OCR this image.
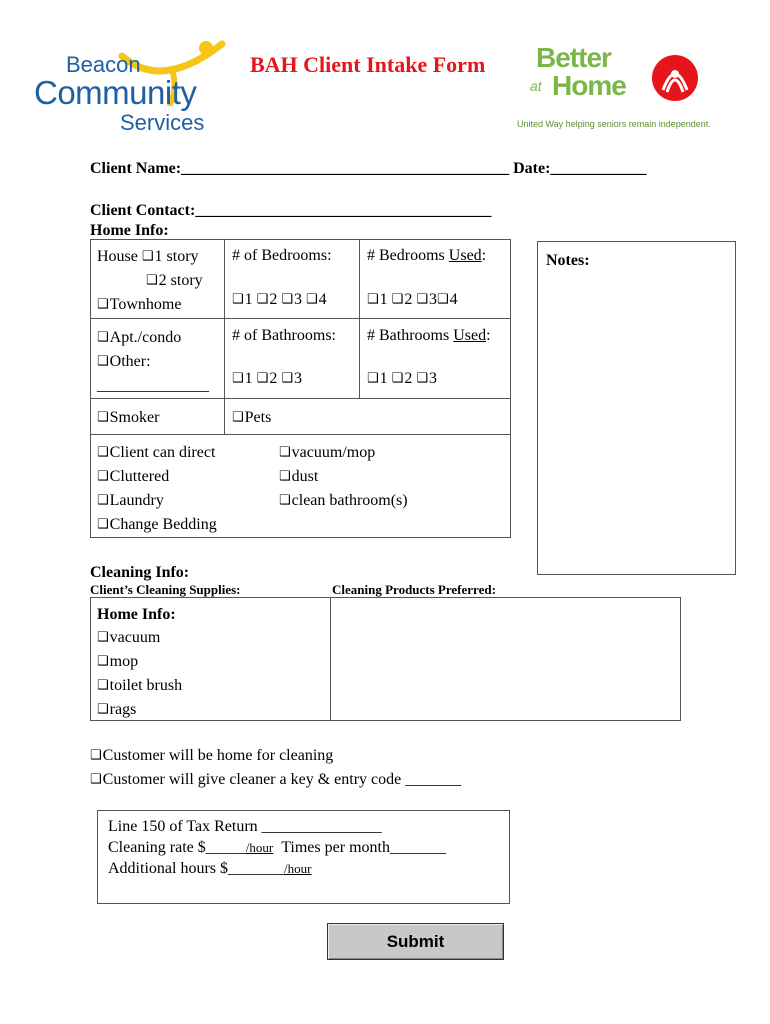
Beacon
Community
Services
BAH Client Intake Form Better
at Home
United Way helping seniors remain independent.
Client Name:_________________________________________ Date:____________
Client Contact:_____________________________________
Home Info:
House ❑1 story
❑2 story
❑Townhome
# of Bedrooms:
❑1 ❑2 ❑3 ❑4
# Bedrooms Used:
❑1 ❑2 ❑3❑4
❑Apt./condo
❑Other:
______________
# of Bathrooms:
❑1 ❑2 ❑3
# Bathrooms Used:
❑1 ❑2 ❑3
❑Smoker	❑Pets
❑Client can direct
❑Cluttered
❑Laundry
❑Change Bedding
❑vacuum/mop
❑dust
❑clean bathroom(s)
Notes:
Cleaning Info:
Client’s Cleaning Supplies:	Cleaning Products Preferred:
Home Info:
❑vacuum
❑mop
❑toilet brush
❑rags
❑Customer will be home for cleaning
❑Customer will give cleaner a key & entry code _______
Line 150 of Tax Return _______________
Cleaning rate $_____/hour Times per month_______
Additional hours $_______/hour
Submit
